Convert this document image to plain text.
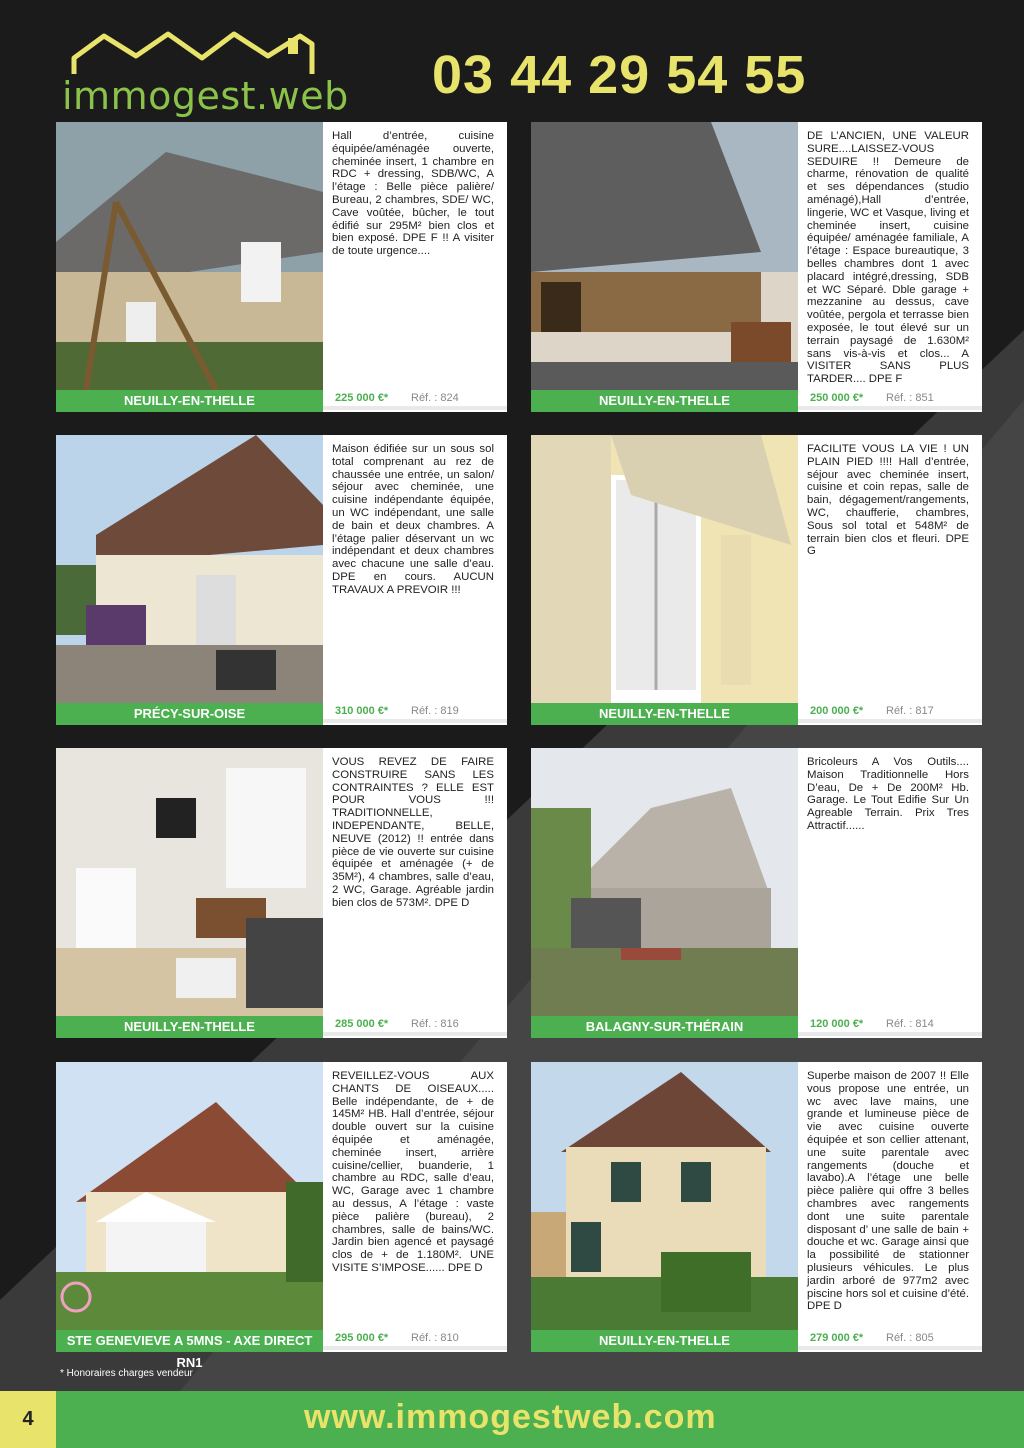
immogest.web 03 44 29 54 55
Hall d’entrée, cuisine équipée/aménagée ouverte, cheminée insert, 1 chambre en RDC + dressing, SDB/WC, A l’étage : Belle pièce palière/ Bureau, 2 chambres, SDE/ WC, Cave voûtée, bûcher, le tout édifié sur 295M² bien clos et bien exposé. DPE F !! A visiter de toute urgence....
NEUILLY-EN-THELLE	225 000 €* Réf. : 824
DE L’ANCIEN, UNE VALEUR SURE....LAISSEZ-VOUS SEDUIRE !! Demeure de charme, rénovation de qualité et ses dépendances (studio aménagé),Hall d’entrée, lingerie, WC et Vasque, living et cheminée insert, cuisine équipée/ aménagée familiale, A l’étage : Espace bureautique, 3 belles chambres dont 1 avec placard intégré,dressing, SDB et WC Séparé. Dble garage + mezzanine au dessus, cave voûtée, pergola et terrasse bien exposée, le tout élevé sur un terrain paysagé de 1.630M² sans vis-à-vis et clos... A VISITER SANS PLUS TARDER.... DPE F
NEUILLY-EN-THELLE	250 000 €* Réf. : 851
Maison édifiée sur un sous sol total comprenant au rez de chaussée une entrée, un salon/ séjour avec cheminée, une cuisine indépendante équipée, un WC indépendant, une salle de bain et deux chambres. A l’étage palier déservant un wc indépendant et deux chambres avec chacune une salle d’eau. DPE en cours. AUCUN TRAVAUX A PREVOIR !!!
PRÉCY-SUR-OISE	310 000 €* Réf. : 819
FACILITE VOUS LA VIE ! UN PLAIN PIED !!!! Hall d’entrée, séjour avec cheminée insert, cuisine et coin repas, salle de bain, dégagement/rangements, WC, chaufferie, chambres, Sous sol total et 548M² de terrain bien clos et fleuri. DPE G
NEUILLY-EN-THELLE	200 000 €* Réf. : 817
VOUS REVEZ DE FAIRE CONSTRUIRE SANS LES CONTRAINTES ? ELLE EST POUR VOUS !!! TRADITIONNELLE, INDEPENDANTE, BELLE, NEUVE (2012) !! entrée dans pièce de vie ouverte sur cuisine équipée et aménagée (+ de 35M²), 4 chambres, salle d’eau, 2 WC, Garage. Agréable jardin bien clos de 573M². DPE D
NEUILLY-EN-THELLE	285 000 €* Réf. : 816
Bricoleurs A Vos Outils.... Maison Traditionnelle Hors D’eau, De + De 200M² Hb. Garage. Le Tout Edifie Sur Un Agreable Terrain. Prix Tres Attractif......
BALAGNY-SUR-THÉRAIN	120 000 €* Réf. : 814
REVEILLEZ-VOUS AUX CHANTS DE OISEAUX..... Belle indépendante, de + de 145M² HB. Hall d’entrée, séjour double ouvert sur la cuisine équipée et aménagée, cheminée insert, arrière cuisine/cellier, buanderie, 1 chambre au RDC, salle d’eau, WC, Garage avec 1 chambre au dessus, A l’étage : vaste pièce palière (bureau), 2 chambres, salle de bains/WC. Jardin bien agencé et paysagé clos de + de 1.180M². UNE VISITE S’IMPOSE...... DPE D
STE GENEVIEVE A 5MNS - AXE DIRECT RN1
295 000 €* Réf. : 810
Superbe maison de 2007 !! Elle vous propose une entrée, un wc avec lave mains, une grande et lumineuse pièce de vie avec cuisine ouverte équipée et son cellier attenant, une suite parentale avec rangements (douche et lavabo).A l’étage une belle pièce palière qui offre 3 belles chambres avec rangements dont une suite parentale disposant d’ une salle de bain + douche et wc. Garage ainsi que la possibilité de stationner plusieurs véhicules. Le plus jardin arboré de 977m2 avec piscine hors sol et cuisine d’été. DPE D
NEUILLY-EN-THELLE	279 000 €* Réf. : 805
* Honoraires charges vendeur
4	www.immogestweb.com
